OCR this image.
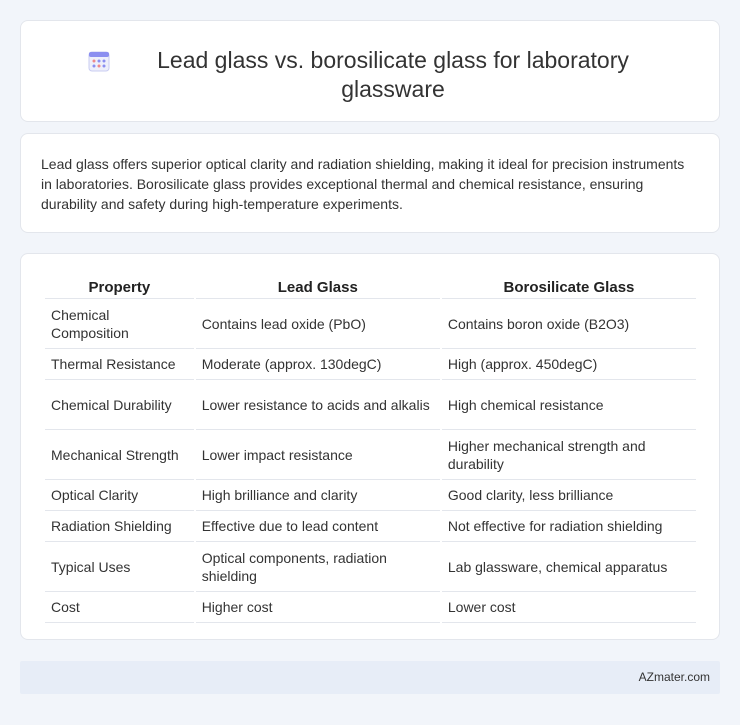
Lead glass vs. borosilicate glass for laboratory glassware

Lead glass offers superior optical clarity and radiation shielding, making it ideal for precision instruments in laboratories. Borosilicate glass provides exceptional thermal and chemical resistance, ensuring durability and safety during high-temperature experiments.

Property	Lead Glass	Borosilicate Glass
Chemical Composition	Contains lead oxide (PbO)	Contains boron oxide (B2O3)
Thermal Resistance	Moderate (approx. 130degC)	High (approx. 450degC)
Chemical Durability	Lower resistance to acids and alkalis	High chemical resistance
Mechanical Strength	Lower impact resistance	Higher mechanical strength and durability
Optical Clarity	High brilliance and clarity	Good clarity, less brilliance
Radiation Shielding	Effective due to lead content	Not effective for radiation shielding
Typical Uses	Optical components, radiation shielding	Lab glassware, chemical apparatus
Cost	Higher cost	Lower cost
AZmater.com
